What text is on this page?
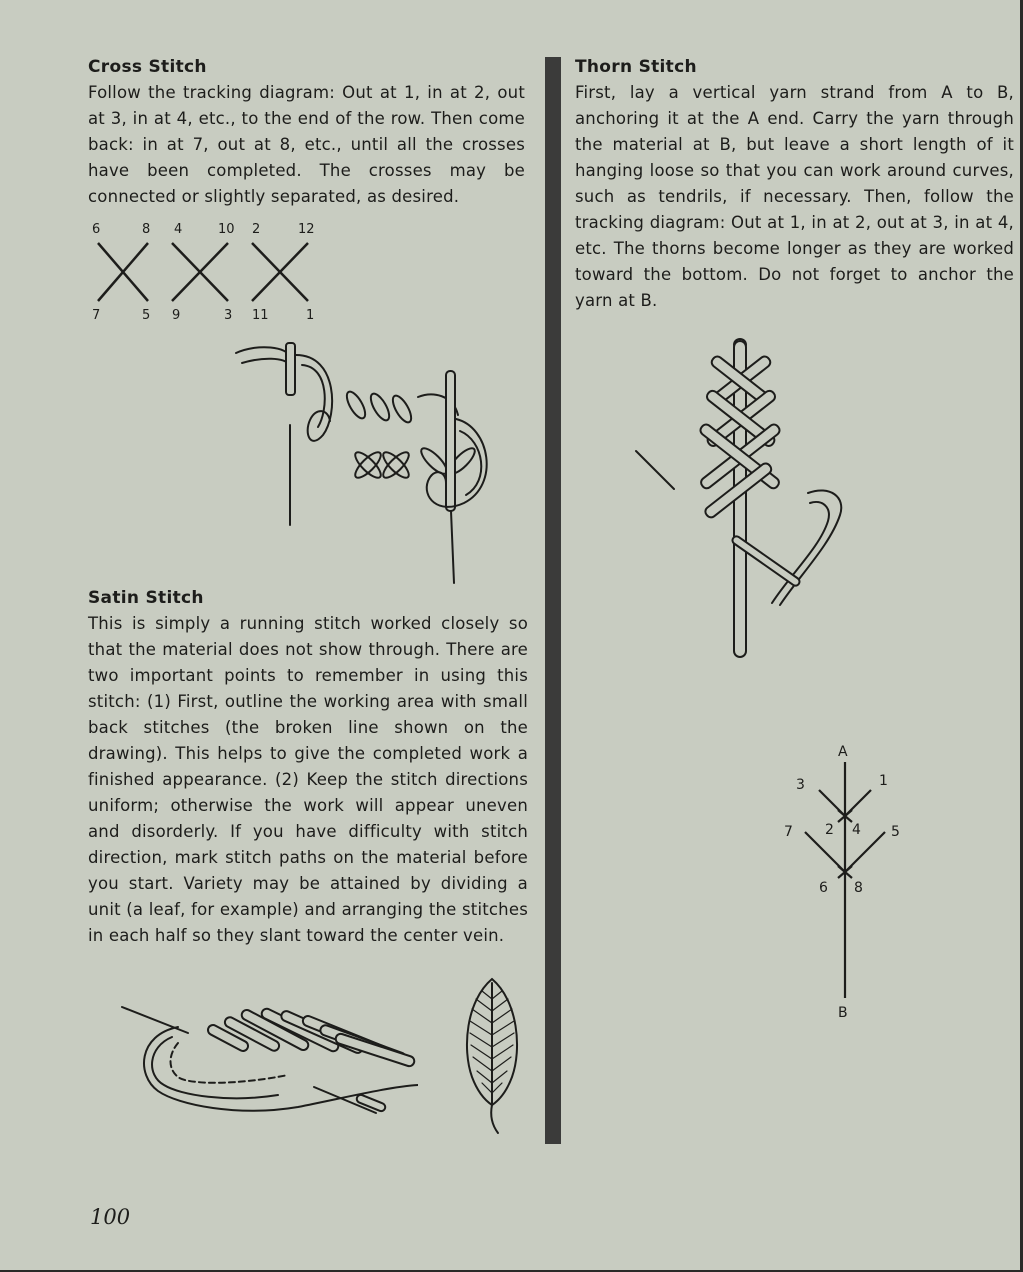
Cross Stitch

Follow the tracking diagram: Out at 1, in at 2, out at 3, in at 4, etc., to the end of the row. Then come back: in at 7, out at 8, etc., until all the crosses have been completed. The crosses may be connected or slightly separated, as desired.

6	8 4	10 2	12
7	5 9	3 11	1
Satin Stitch

This is simply a running stitch worked closely so that the material does not show through. There are two important points to remember in using this stitch: (1) First, outline the working area with small back stitches (the broken line shown on the drawing). This helps to give the completed work a finished appearance. (2) Keep the stitch directions uniform; otherwise the work will appear uneven and disorderly. If you have difficulty with stitch direction, mark stitch paths on the material before you start. Variety may be attained by dividing a unit (a leaf, for example) and arranging the stitches in each half so they slant toward the center vein.

Thorn Stitch

First, lay a vertical yarn strand from A to B, anchoring it at the A end. Carry the yarn through the material at B, but leave a short length of it hanging loose so that you can work around curves, such as tendrils, if necessary. Then, follow the tracking diagram: Out at 1, in at 2, out at 3, in at 4, etc. The thorns become longer as they are worked toward the bottom. Do not forget to anchor the yarn at B.

A
3	1
7 2 4 5
6 8
B
100
